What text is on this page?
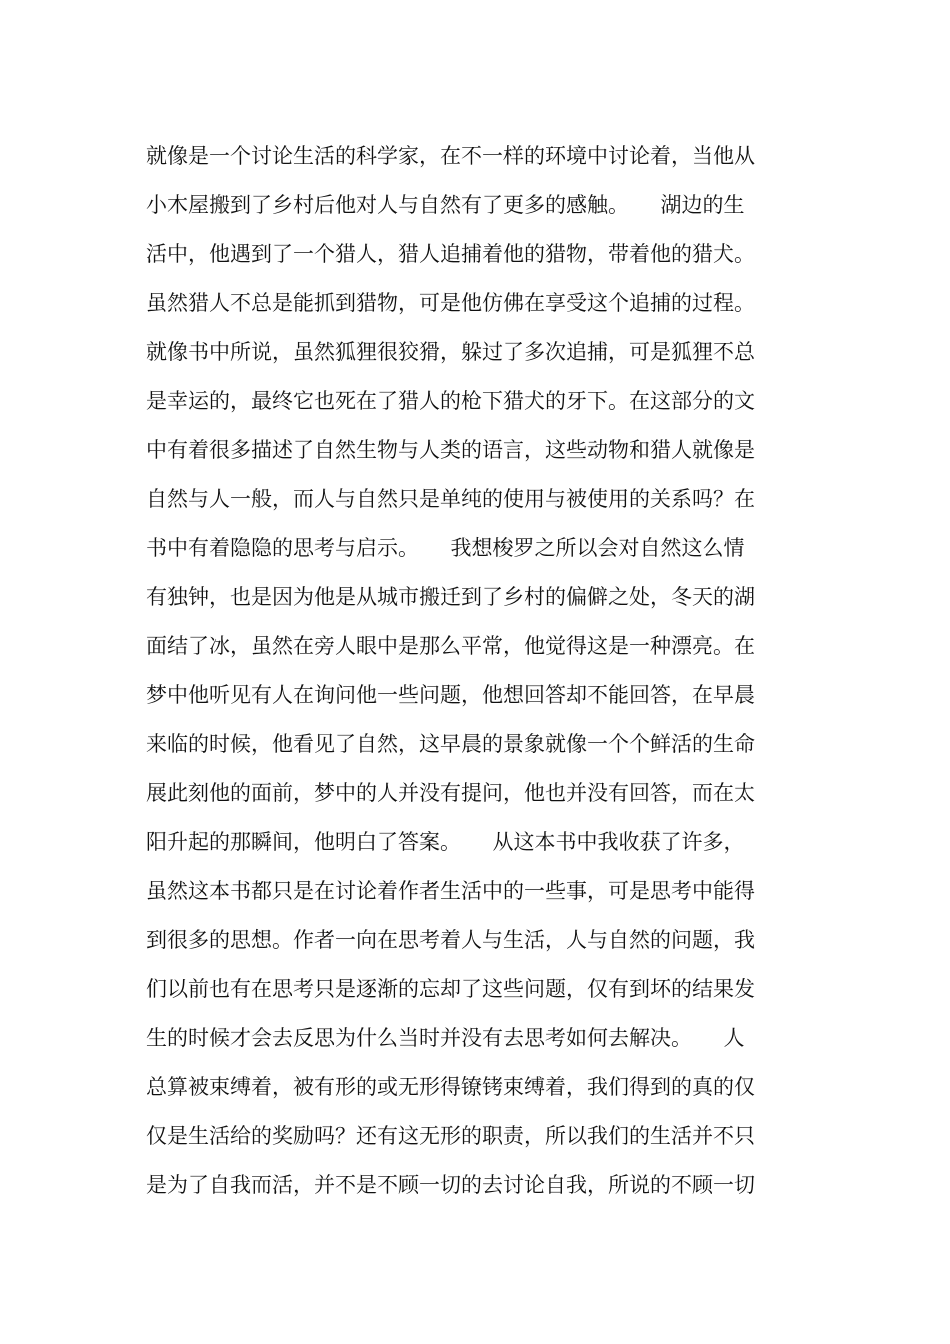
就像是一个讨论生活的科学家，在不一样的环境中讨论着，当他从
小木屋搬到了乡村后他对人与自然有了更多的感触。　　湖边的生
活中，他遇到了一个猎人，猎人追捕着他的猎物，带着他的猎犬。
虽然猎人不总是能抓到猎物，可是他仿佛在享受这个追捕的过程。
就像书中所说，虽然狐狸很狡猾，躲过了多次追捕，可是狐狸不总
是幸运的，最终它也死在了猎人的枪下猎犬的牙下。在这部分的文
中有着很多描述了自然生物与人类的语言，这些动物和猎人就像是
自然与人一般，而人与自然只是单纯的使用与被使用的关系吗？在
书中有着隐隐的思考与启示。　　我想梭罗之所以会对自然这么情
有独钟，也是因为他是从城市搬迁到了乡村的偏僻之处，冬天的湖
面结了冰，虽然在旁人眼中是那么平常，他觉得这是一种漂亮。在
梦中他听见有人在询问他一些问题，他想回答却不能回答，在早晨
来临的时候，他看见了自然，这早晨的景象就像一个个鲜活的生命
展此刻他的面前，梦中的人并没有提问，他也并没有回答，而在太
阳升起的那瞬间，他明白了答案。　　从这本书中我收获了许多，
虽然这本书都只是在讨论着作者生活中的一些事，可是思考中能得
到很多的思想。作者一向在思考着人与生活，人与自然的问题，我
们以前也有在思考只是逐渐的忘却了这些问题，仅有到坏的结果发
生的时候才会去反思为什么当时并没有去思考如何去解决。　　人
总算被束缚着，被有形的或无形得镣铐束缚着，我们得到的真的仅
仅是生活给的奖励吗？还有这无形的职责，所以我们的生活并不只
是为了自我而活，并不是不顾一切的去讨论自我，所说的不顾一切
